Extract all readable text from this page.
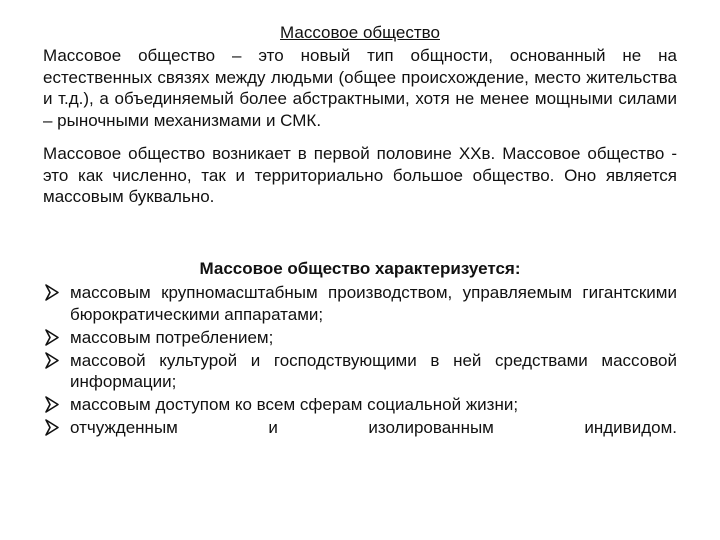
Массовое общество

Массовое общество – это новый тип общности, основанный не на естественных связях между людьми (общее происхождение, место жительства и т.д.), а объединяемый более абстрактными, хотя не менее мощными силами – рыночными механизмами и СМК.

Массовое общество возникает в первой половине ХХв. Массовое общество - это как численно, так и территориально большое общество. Оно является массовым буквально.

Массовое общество характеризуется:
массовым крупномасштабным производством, управляемым гигантскими бюрократическими аппаратами;
массовым потреблением;
массовой культурой и господствующими в ней средствами массовой информации;
массовым доступом ко всем сферам социальной жизни;
отчужденным и изолированным индивидом.
